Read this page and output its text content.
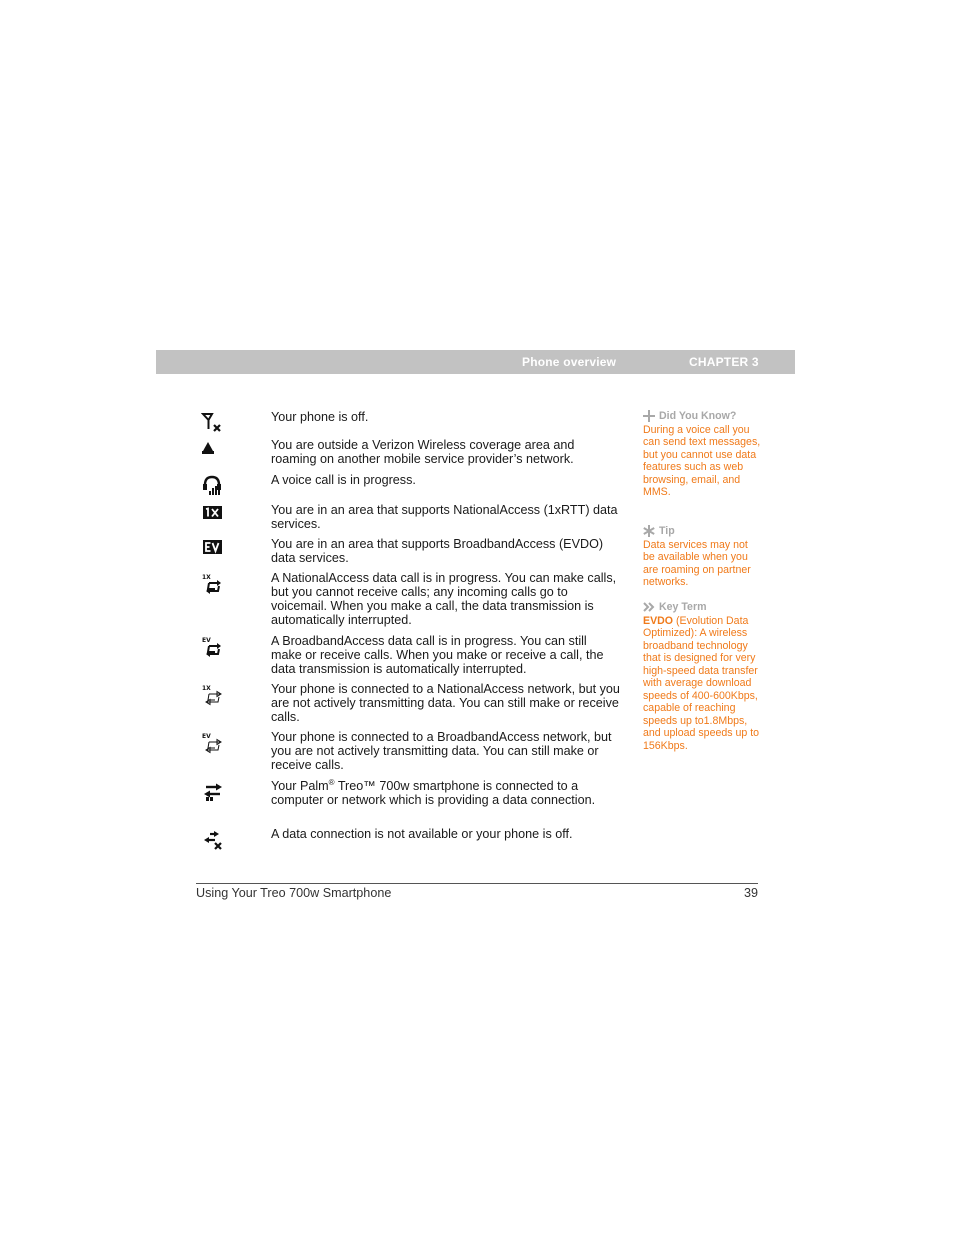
Phone overview	CHAPTER 3
Your phone is off.
You are outside a Verizon Wireless coverage area and roaming on another mobile service provider’s network.
A voice call is in progress.
You are in an area that supports NationalAccess (1xRTT) data services.
You are in an area that supports BroadbandAccess (EVDO) data services.
1X	A NationalAccess data call is in progress. You can make calls, but you cannot receive calls; any incoming calls go to voicemail. When you make a call, the data transmission is automatically interrupted.
EV	A BroadbandAccess data call is in progress. You can still make or receive calls. When you make or receive a call, the data transmission is automatically interrupted.
1X	Your phone is connected to a NationalAccess network, but you are not actively transmitting data. You can still make or receive calls.
EV	Your phone is connected to a BroadbandAccess network, but you are not actively transmitting data. You can still make or receive calls.
Your Palm® Treo™ 700w smartphone is connected to a computer or network which is providing a data connection.
A data connection is not available or your phone is off.
Did You Know?
During a voice call you can send text messages, but you cannot use data features such as web browsing, email, and MMS.
Tip
Data services may not be available when you are roaming on partner networks.
Key Term
EVDO (Evolution Data Optimized): A wireless broadband technology that is designed for very high-speed data transfer with average download speeds of 400-600Kbps, capable of reaching speeds up to1.8Mbps, and upload speeds up to 156Kbps.
Using Your Treo 700w Smartphone	39
